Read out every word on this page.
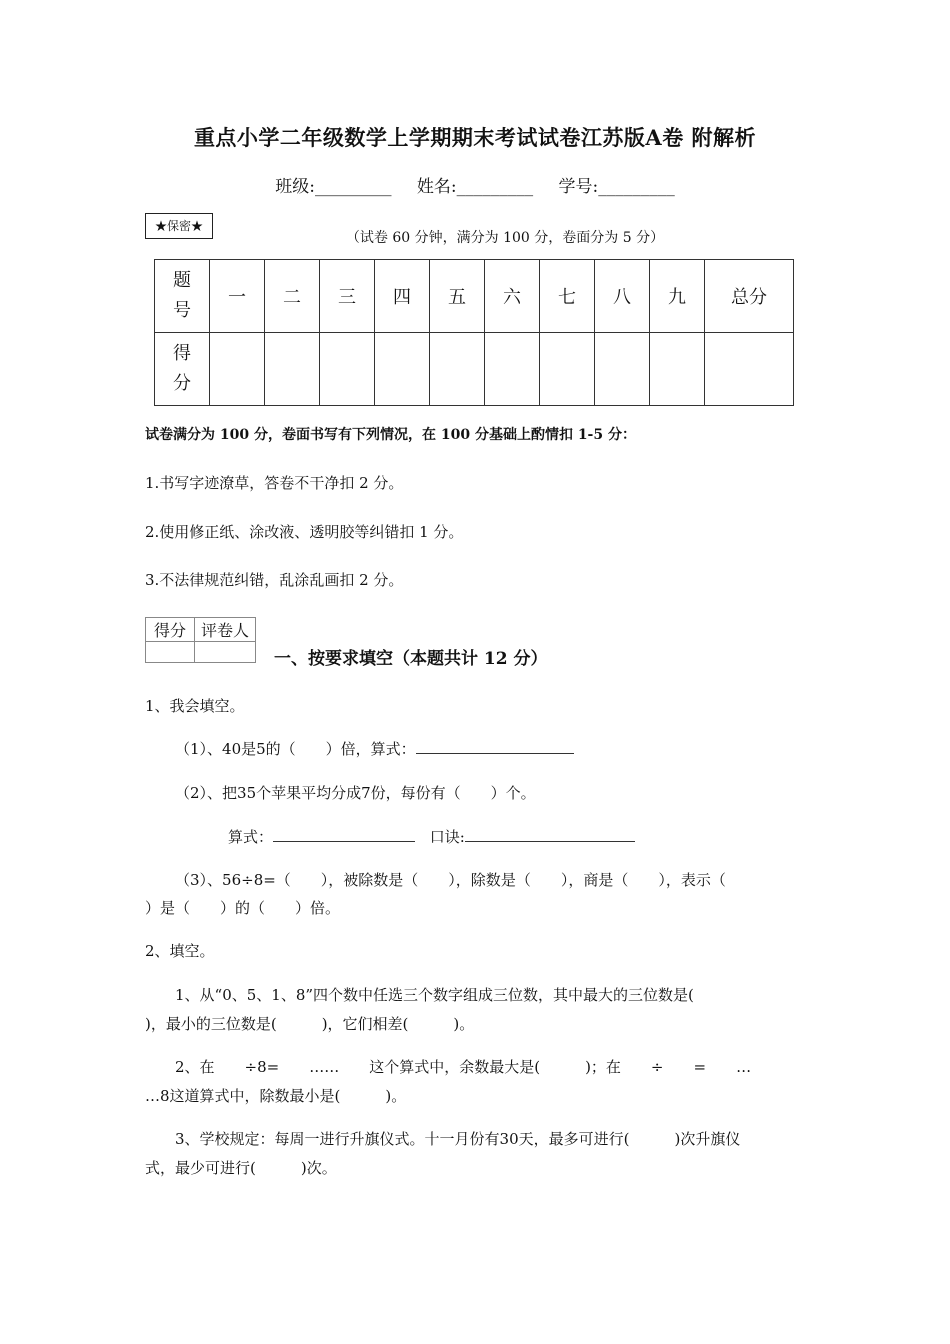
重点小学二年级数学上学期期末考试试卷江苏版A卷 附解析
班级:_________ 姓名:_________ 学号:_________
★保密★
（试卷 60 分钟，满分为 100 分，卷面分为 5 分）
题
号	一	二	三	四	五	六	七	八	九	总分

得
分										

试卷满分为 100 分，卷面书写有下列情况，在 100 分基础上酌情扣 1-5 分：
1.书写字迹潦草，答卷不干净扣 2 分。
2.使用修正纸、涂改液、透明胶等纠错扣 1 分。
3.不法律规范纠错，乱涂乱画扣 2 分。
得分	评卷人

一、按要求填空（本题共计 12 分）
1、我会填空。
（1）、40是5的（　　）倍，算式：
（2）、把35个苹果平均分成7份，每份有（　　）个。
算式：	口诀:
（3）、56÷8=（　　），被除数是（　　），除数是（　　），商是（　　），表示（
）是（　　）的（　　）倍。
2、填空。
1、从“0、5、1、8”四个数中任选三个数字组成三位数，其中最大的三位数是(
)，最小的三位数是(　　　)，它们相差(　　　)。
2、在　　÷8=　　……　　这个算式中，余数最大是(　　　)；在　　÷　　=　　…
…8这道算式中，除数最小是(　　　)。
3、学校规定：每周一进行升旗仪式。十一月份有30天，最多可进行(　　　)次升旗仪
式，最少可进行(　　　)次。
